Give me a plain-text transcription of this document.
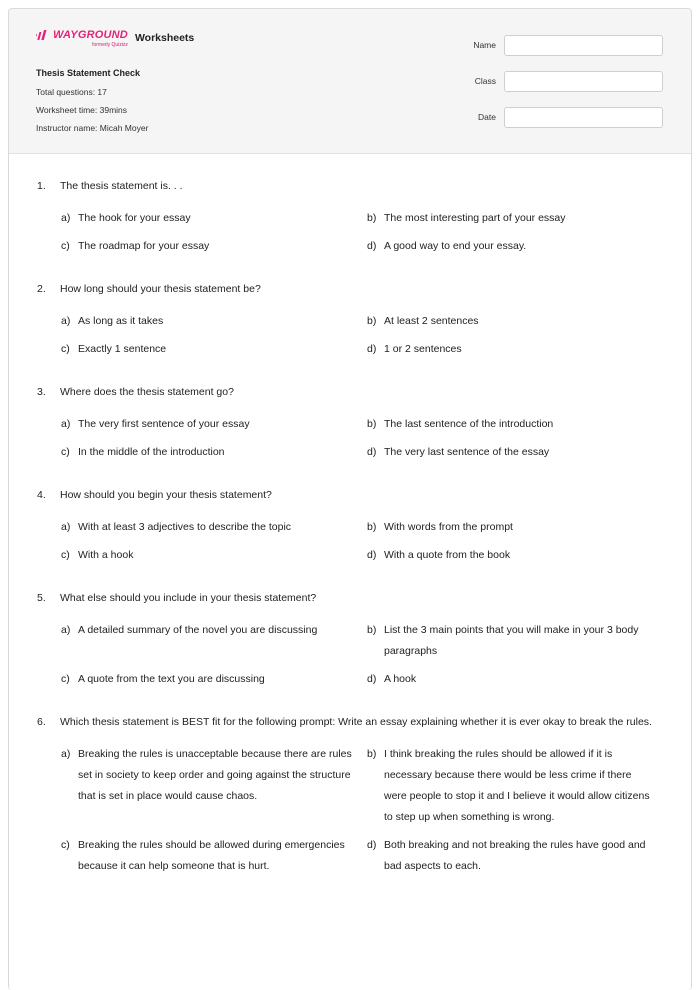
WAYGROUND
formerly Quizizz
Worksheets
Thesis Statement Check
Total questions: 17
Worksheet time: 39mins
Instructor name: Micah Moyer
Name
Class
Date
1.	The thesis statement is. . .
a) The hook for your essay	b) The most interesting part of your essay
c) The roadmap for your essay	d) A good way to end your essay.
2.	How long should your thesis statement be?
a) As long as it takes	b) At least 2 sentences
c) Exactly 1 sentence	d) 1 or 2 sentences
3.	Where does the thesis statement go?
a) The very first sentence of your essay	b) The last sentence of the introduction
c) In the middle of the introduction	d) The very last sentence of the essay
4.	How should you begin your thesis statement?
a) With at least 3 adjectives to describe the topic	b) With words from the prompt
c) With a hook	d) With a quote from the book
5.	What else should you include in your thesis statement?
a) A detailed summary of the novel you are discussing	b) List the 3 main points that you will make in your 3 body paragraphs
c) A quote from the text you are discussing	d) A hook
6.	Which thesis statement is BEST fit for the following prompt: Write an essay explaining whether it is ever okay to break the rules.
a) Breaking the rules is unacceptable because there are rules set in society to keep order and going against the structure that is set in place would cause chaos.
b) I think breaking the rules should be allowed if it is necessary because there would be less crime if there were people to stop it and I believe it would allow citizens to step up when something is wrong.
c) Breaking the rules should be allowed during emergencies because it can help someone that is hurt.
d) Both breaking and not breaking the rules have good and bad aspects to each.
